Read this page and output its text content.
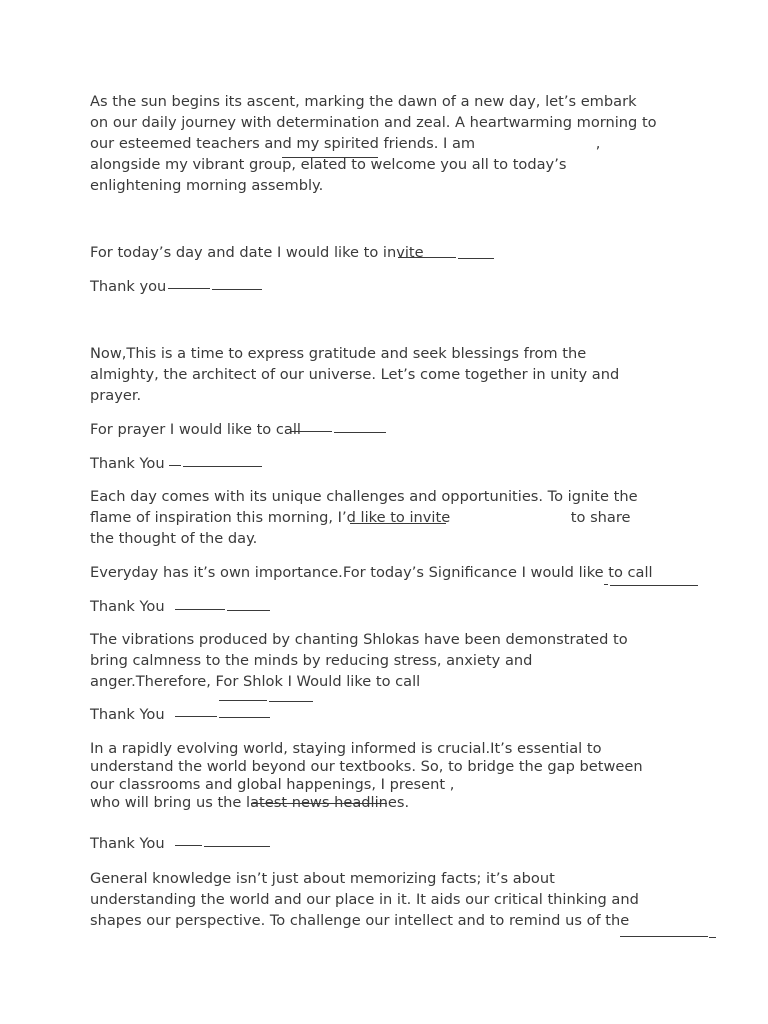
As the sun begins its ascent, marking the dawn of a new day, let’s embark
on our daily journey with determination and zeal. A heartwarming morning to
our esteemed teachers and my spirited friends. I am                          ,
alongside my vibrant group, elated to welcome you all to today’s
enlightening morning assembly.
For today’s day and date I would like to invite
Thank you
Now,This is a time to express gratitude and seek blessings from the
almighty, the architect of our universe. Let’s come together in unity and
prayer.
For prayer I would like to call
Thank You
Each day comes with its unique challenges and opportunities. To ignite the
flame of inspiration this morning, I’d like to invite                          to share
the thought of the day.
Everyday has it’s own importance.For today’s Significance I would like to call
Thank You
The vibrations produced by chanting Shlokas have been demonstrated to
bring calmness to the minds by reducing stress, anxiety and
anger.Therefore, For Shlok I Would like to call
Thank You
In a rapidly evolving world, staying informed is crucial.It’s essential to
understand the world beyond our textbooks. So, to bridge the gap between
our classrooms and global happenings, I present ,
who will bring us the latest news headlines.
Thank You
General knowledge isn’t just about memorizing facts; it’s about
understanding the world and our place in it. It aids our critical thinking and
shapes our perspective. To challenge our intellect and to remind us of the
